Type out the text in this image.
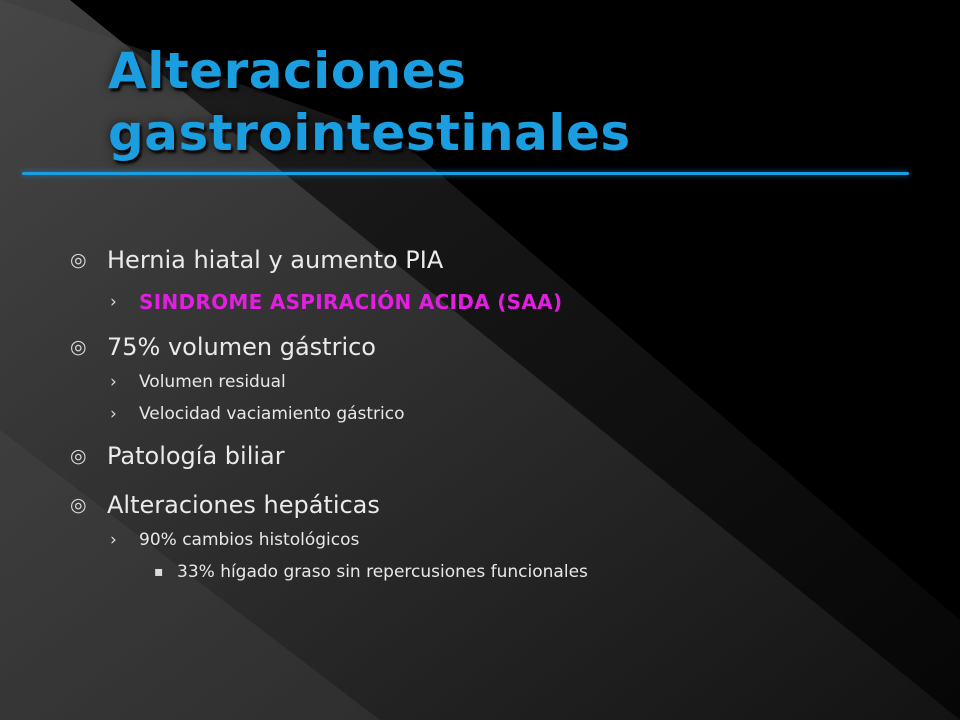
Alteraciones
gastrointestinales
◎ Hernia hiatal y aumento PIA
› SINDROME ASPIRACIÓN ACIDA (SAA)
◎ 75% volumen gástrico
› Volumen residual
› Velocidad vaciamiento gástrico
◎ Patología biliar
◎ Alteraciones hepáticas
› 90% cambios histológicos
▪ 33% hígado graso sin repercusiones funcionales
